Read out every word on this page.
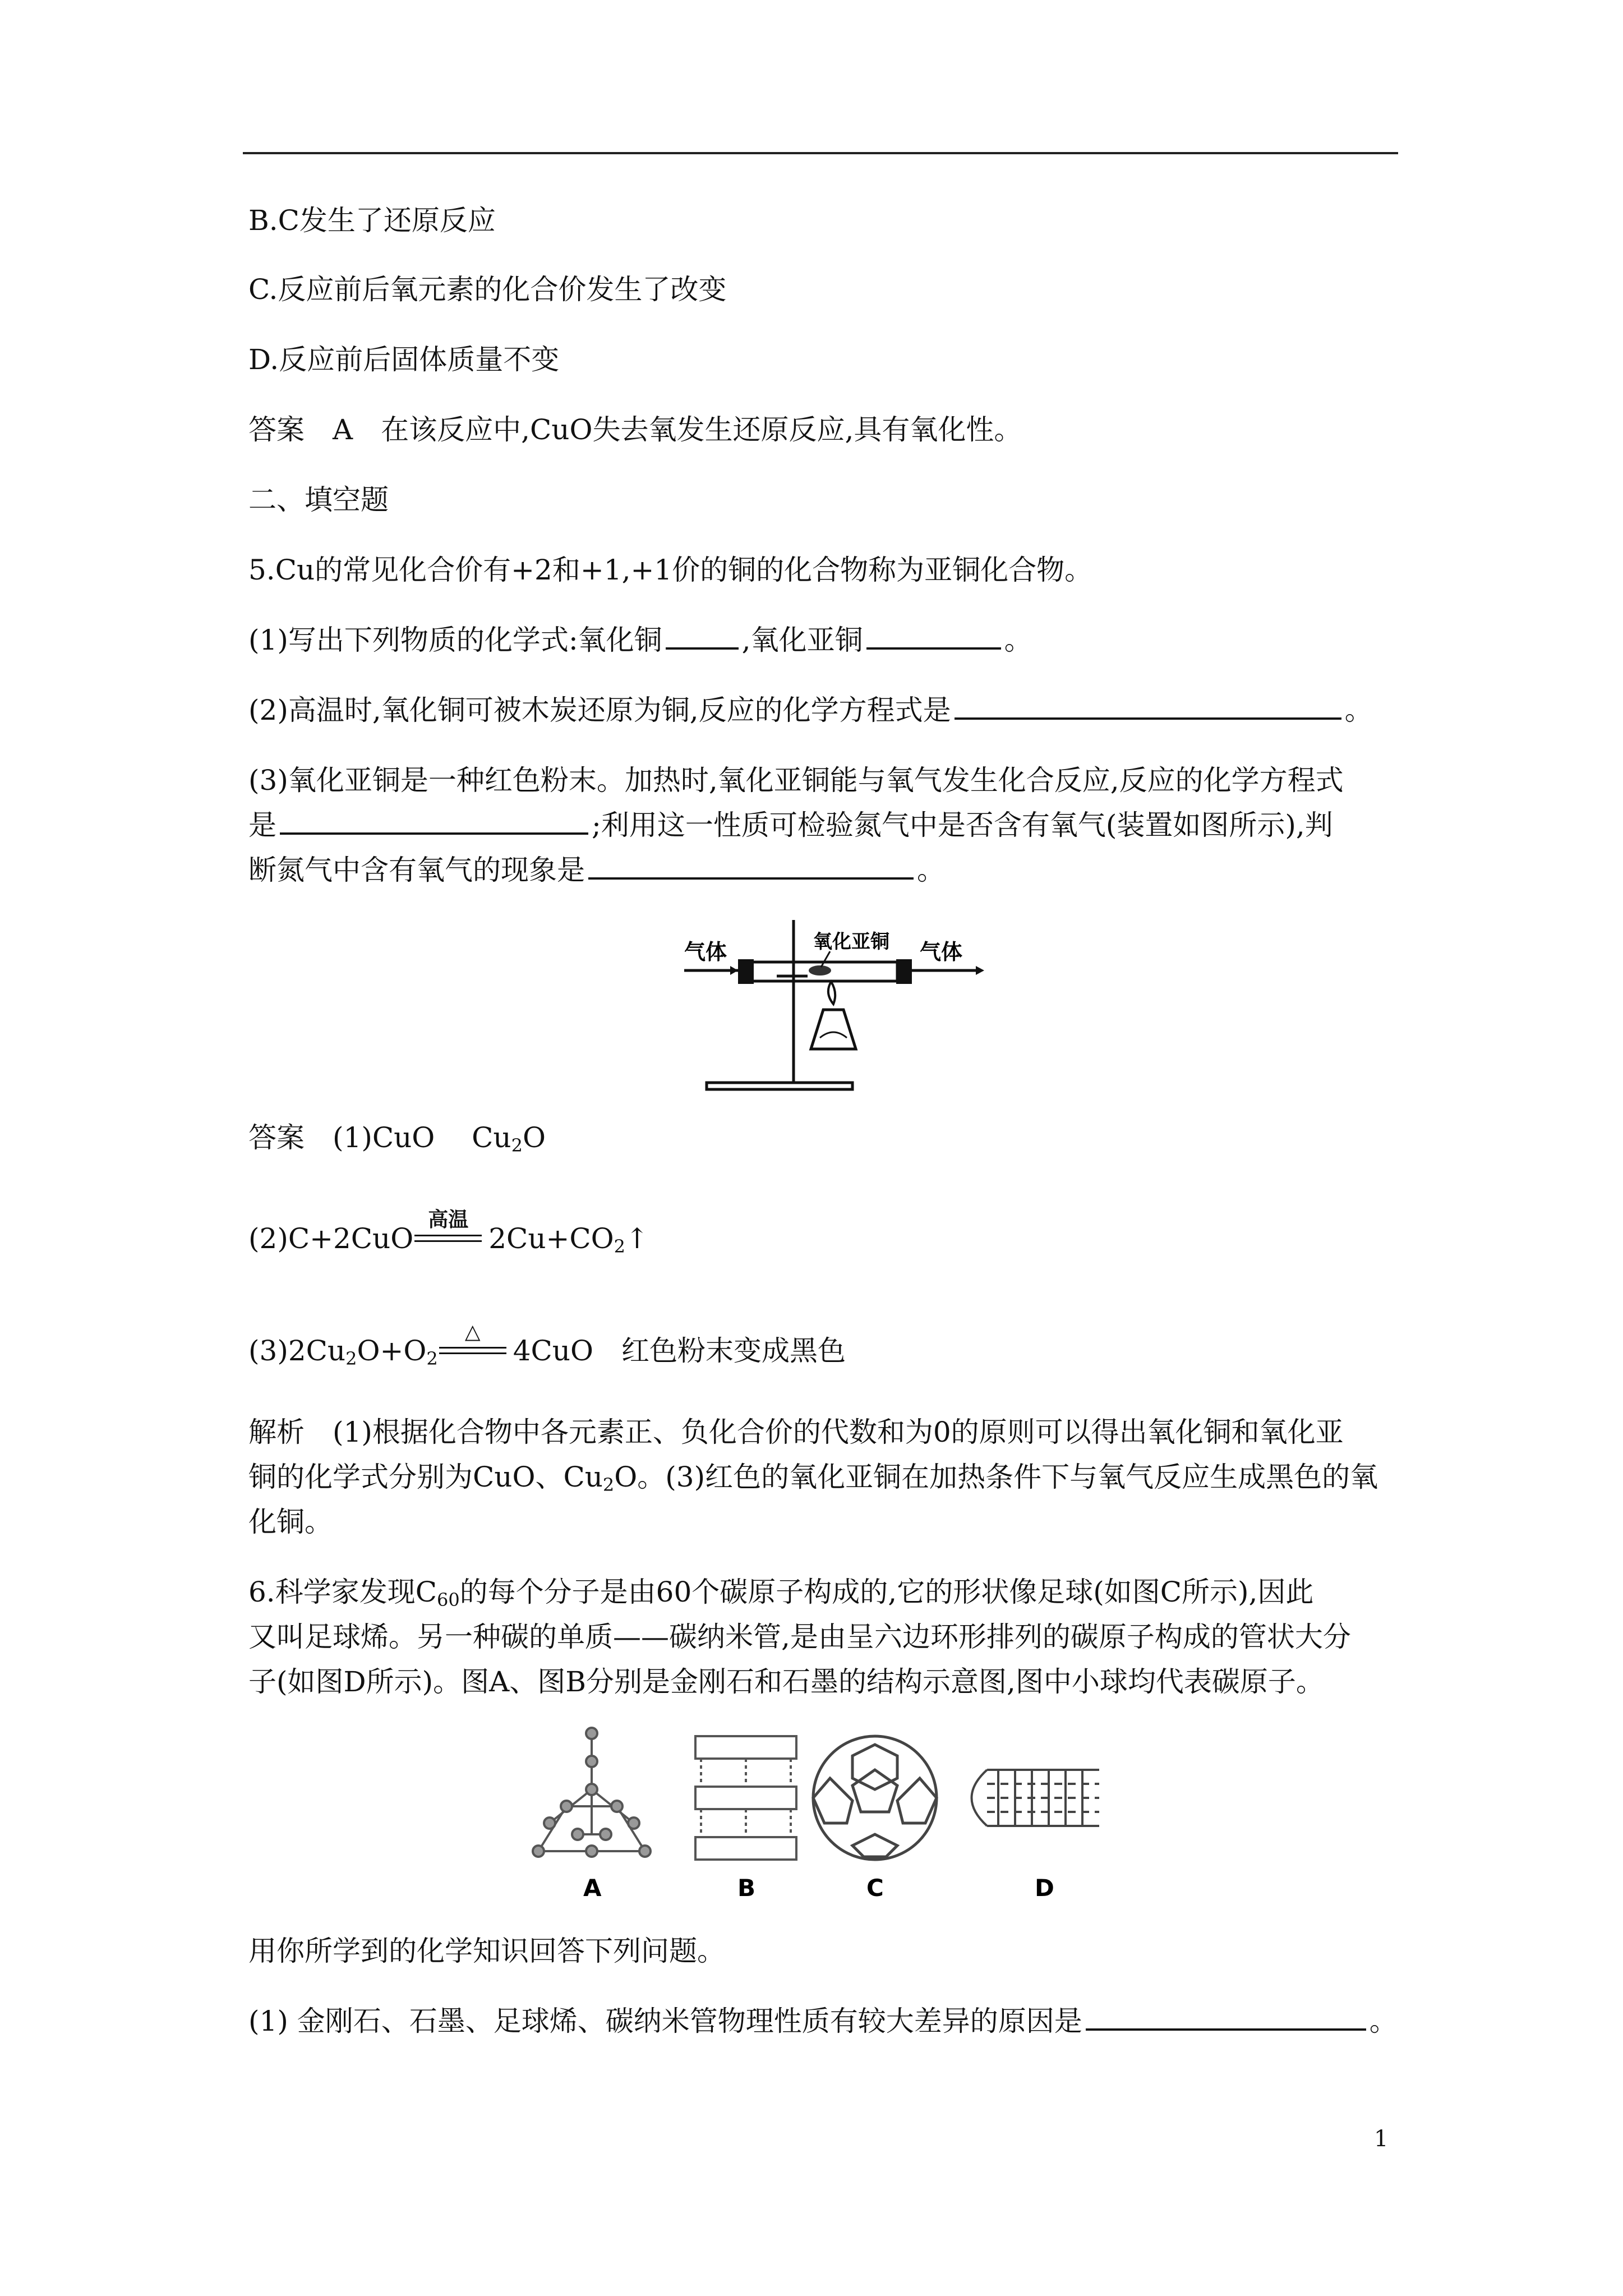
B.C发生了还原反应
C.反应前后氧元素的化合价发生了改变
D.反应前后固体质量不变
答案　A　在该反应中,CuO失去氧发生还原反应,具有氧化性。
二、填空题
5.Cu的常见化合价有+2和+1,+1价的铜的化合物称为亚铜化合物。
(1)写出下列物质的化学式:氧化铜	,氧化亚铜	。
(2)高温时,氧化铜可被木炭还原为铜,反应的化学方程式是	。
(3)氧化亚铜是一种红色粉末。加热时,氧化亚铜能与氧气发生化合反应,反应的化学方程式
是	;利用这一性质可检验氮气中是否含有氧气(装置如图所示),判
断氮气中含有氧气的现象是	。
气体	气体
氧化亚铜
答案　(1)CuO　 $Cu_2O$
(2)C+2CuO
高温
$2Cu+CO_2↑$
$(3)2Cu_2O+O_2$
△
4CuO　红色粉末变成黑色
解析　(1)根据化合物中各元素正、负化合价的代数和为0的原则可以得出氧化铜和氧化亚
铜的化学式分别为CuO、$Cu_2O$。(3)红色的氧化亚铜在加热条件下与氧气反应生成黑色的氧
化铜。
6.科学家发现$C_{60}$的每个分子是由60个碳原子构成的,它的形状像足球(如图C所示),因此
又叫足球烯。另一种碳的单质——碳纳米管,是由呈六边环形排列的碳原子构成的管状大分
子(如图D所示)。图A、图B分别是金刚石和石墨的结构示意图,图中小球均代表碳原子。
A	B	C	D
用你所学到的化学知识回答下列问题。
(1) 金刚石、石墨、足球烯、碳纳米管物理性质有较大差异的原因是	。
1
